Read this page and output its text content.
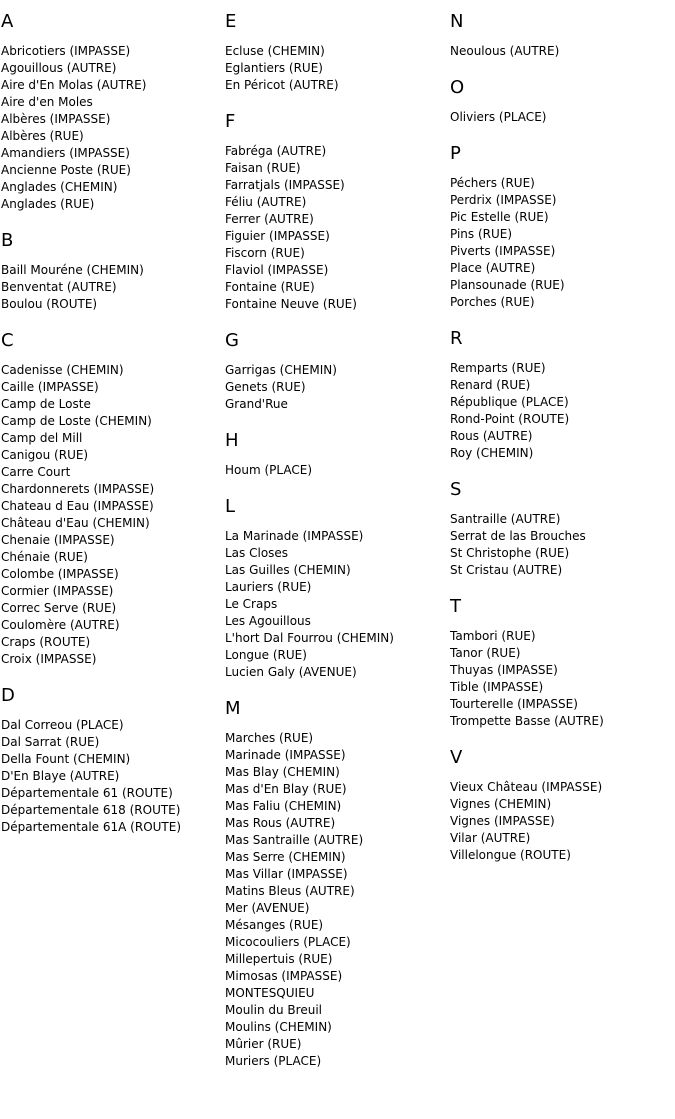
A
Abricotiers (IMPASSE)
Agouillous (AUTRE)
Aire d'En Molas (AUTRE)
Aire d'en Moles
Albères (IMPASSE)
Albères (RUE)
Amandiers (IMPASSE)
Ancienne Poste (RUE)
Anglades (CHEMIN)
Anglades (RUE)
B
Baill Mouréne (CHEMIN)
Benventat (AUTRE)
Boulou (ROUTE)
C
Cadenisse (CHEMIN)
Caille (IMPASSE)
Camp de Loste
Camp de Loste (CHEMIN)
Camp del Mill
Canigou (RUE)
Carre Court
Chardonnerets (IMPASSE)
Chateau d Eau (IMPASSE)
Château d'Eau (CHEMIN)
Chenaie (IMPASSE)
Chénaie (RUE)
Colombe (IMPASSE)
Cormier (IMPASSE)
Correc Serve (RUE)
Coulomère (AUTRE)
Craps (ROUTE)
Croix (IMPASSE)
D
Dal Correou (PLACE)
Dal Sarrat (RUE)
Della Fount (CHEMIN)
D'En Blaye (AUTRE)
Départementale 61 (ROUTE)
Départementale 618 (ROUTE)
Départementale 61A (ROUTE)
E
Ecluse (CHEMIN)
Eglantiers (RUE)
En Péricot (AUTRE)
F
Fabréga (AUTRE)
Faisan (RUE)
Farratjals (IMPASSE)
Féliu (AUTRE)
Ferrer (AUTRE)
Figuier (IMPASSE)
Fiscorn (RUE)
Flaviol (IMPASSE)
Fontaine (RUE)
Fontaine Neuve (RUE)
G
Garrigas (CHEMIN)
Genets (RUE)
Grand'Rue
H
Houm (PLACE)
L
La Marinade (IMPASSE)
Las Closes
Las Guilles (CHEMIN)
Lauriers (RUE)
Le Craps
Les Agouillous
L'hort Dal Fourrou (CHEMIN)
Longue (RUE)
Lucien Galy (AVENUE)
M
Marches (RUE)
Marinade (IMPASSE)
Mas Blay (CHEMIN)
Mas d'En Blay (RUE)
Mas Faliu (CHEMIN)
Mas Rous (AUTRE)
Mas Santraille (AUTRE)
Mas Serre (CHEMIN)
Mas Villar (IMPASSE)
Matins Bleus (AUTRE)
Mer (AVENUE)
Mésanges (RUE)
Micocouliers (PLACE)
Millepertuis (RUE)
Mimosas (IMPASSE)
MONTESQUIEU
Moulin du Breuil
Moulins (CHEMIN)
Mûrier (RUE)
Muriers (PLACE)
N
Neoulous (AUTRE)
O
Oliviers (PLACE)
P
Péchers (RUE)
Perdrix (IMPASSE)
Pic Estelle (RUE)
Pins (RUE)
Piverts (IMPASSE)
Place (AUTRE)
Plansounade (RUE)
Porches (RUE)
R
Remparts (RUE)
Renard (RUE)
République (PLACE)
Rond-Point (ROUTE)
Rous (AUTRE)
Roy (CHEMIN)
S
Santraille (AUTRE)
Serrat de las Brouches
St Christophe (RUE)
St Cristau (AUTRE)
T
Tambori (RUE)
Tanor (RUE)
Thuyas (IMPASSE)
Tible (IMPASSE)
Tourterelle (IMPASSE)
Trompette Basse (AUTRE)
V
Vieux Château (IMPASSE)
Vignes (CHEMIN)
Vignes (IMPASSE)
Vilar (AUTRE)
Villelongue (ROUTE)
